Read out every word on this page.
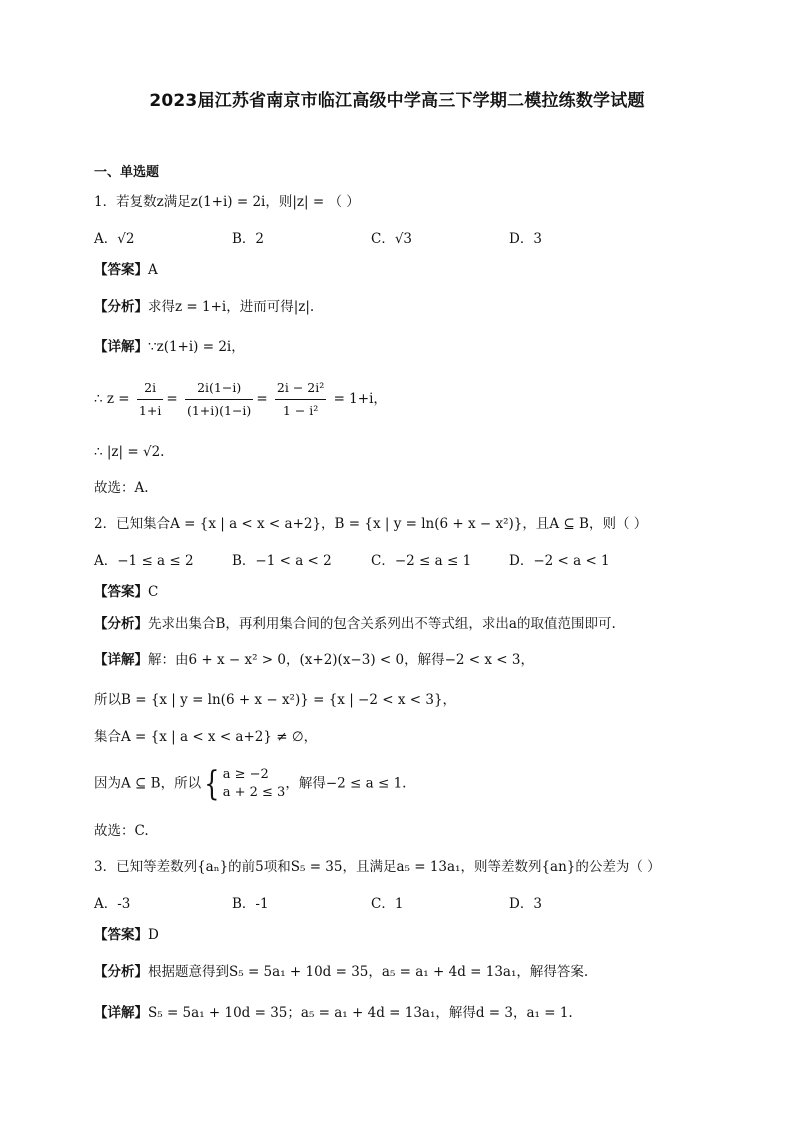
2023届江苏省南京市临江高级中学高三下学期二模拉练数学试题
一、单选题
1．若复数z满足z(1+i) = 2i，则|z| = （ ）
A．√2	B．2	C．√3	D．3
【答案】A
【分析】求得z = 1+i，进而可得|z|.
【详解】∵z(1+i) = 2i，
∴ $z = \frac{2i}{1+i} = \frac{2i(1-i)}{(1+i)(1-i)} = \frac{\text{2i − 2i²}}{\text{1 − i²}} = 1+i$，
∴ |z| = √2.
故选：A.
2．已知集合A = {x | a < x < a+2}，B = {x | y = ln(6 + x − x²)}，且A ⊆ B，则（ ）
A．−1 ≤ a ≤ 2	B．−1 < a < 2	C．−2 ≤ a ≤ 1	D．−2 < a < 1
【答案】C
【分析】先求出集合B，再利用集合间的包含关系列出不等式组，求出a的取值范围即可.
【详解】解：由6 + x − x² > 0，(x+2)(x−3) < 0，解得−2 < x < 3，
所以B = {x | y = ln(6 + x − x²)} = {x | −2 < x < 3}，
集合A = {x | a < x < a+2} ≠ ∅，
因为A ⊆ B，所以{ a ≥ −2
a + 2 ≤ 3
，解得−2 ≤ a ≤ 1.
故选：C.
3．已知等差数列{aₙ}的前5项和S₅ = 35，且满足a₅ = 13a₁，则等差数列{an}的公差为（ ）
A．-3	B．-1	C．1	D．3
【答案】D
【分析】根据题意得到S₅ = 5a₁ + 10d = 35，a₅ = a₁ + 4d = 13a₁，解得答案.
【详解】S₅ = 5a₁ + 10d = 35；a₅ = a₁ + 4d = 13a₁，解得d = 3，a₁ = 1.
